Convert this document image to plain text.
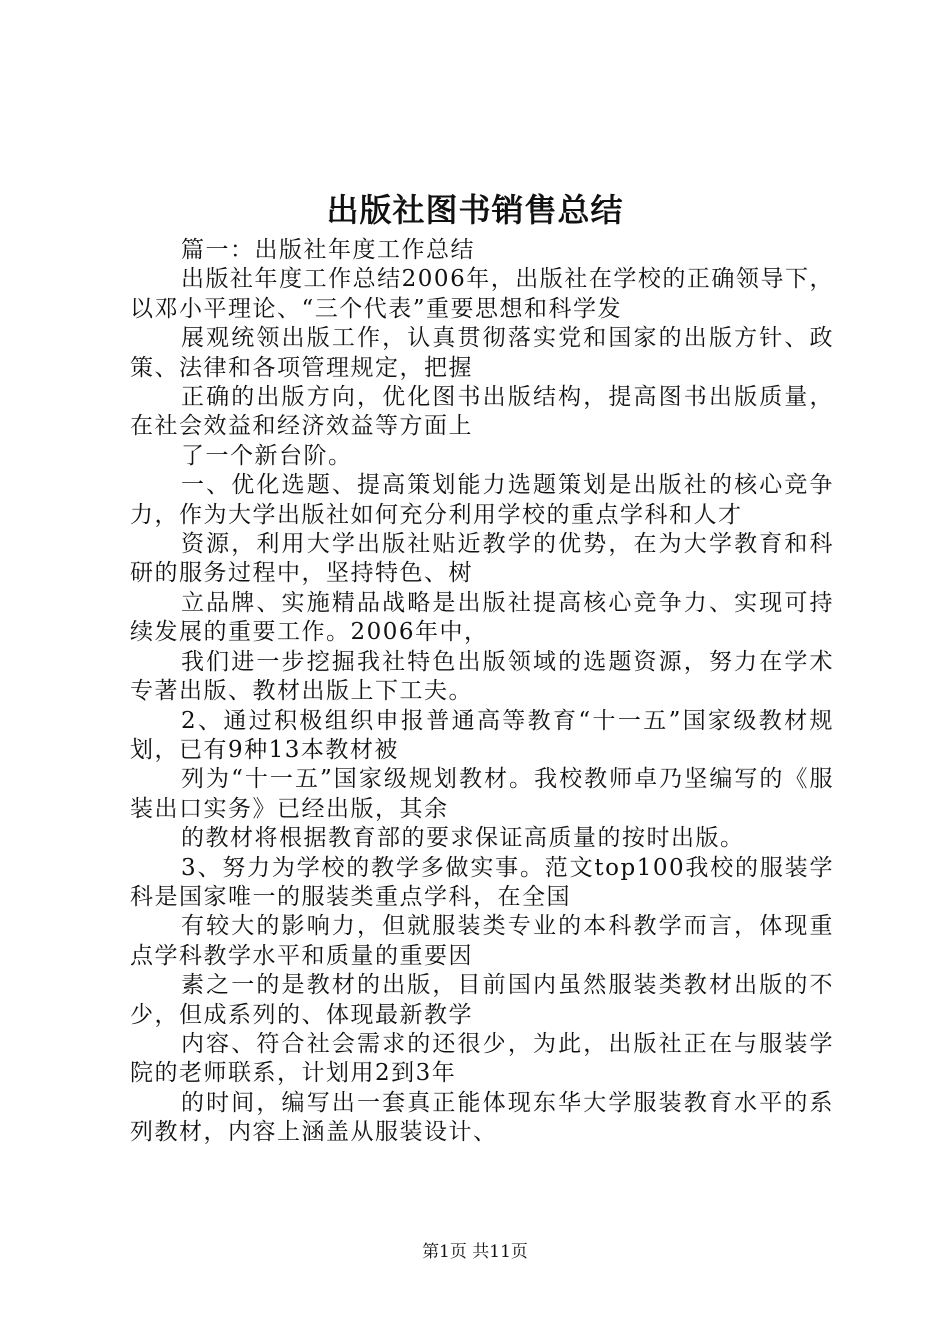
出版社图书销售总结

篇一：出版社年度工作总结

出版社年度工作总结2006年，出版社在学校的正确领导下，以邓小平理论、“三个代表”重要思想和科学发

展观统领出版工作，认真贯彻落实党和国家的出版方针、政策、法律和各项管理规定，把握

正确的出版方向，优化图书出版结构，提高图书出版质量，在社会效益和经济效益等方面上

了一个新台阶。

一、优化选题、提高策划能力选题策划是出版社的核心竞争力，作为大学出版社如何充分利用学校的重点学科和人才

资源，利用大学出版社贴近教学的优势，在为大学教育和科研的服务过程中，坚持特色、树

立品牌、实施精品战略是出版社提高核心竞争力、实现可持续发展的重要工作。2006年中，

我们进一步挖掘我社特色出版领域的选题资源，努力在学术专著出版、教材出版上下工夫。

2、通过积极组织申报普通高等教育“十一五”国家级教材规划，已有9种13本教材被

列为“十一五”国家级规划教材。我校教师卓乃坚编写的《服装出口实务》已经出版，其余

的教材将根据教育部的要求保证高质量的按时出版。

3、努力为学校的教学多做实事。范文top100我校的服装学科是国家唯一的服装类重点学科，在全国

有较大的影响力，但就服装类专业的本科教学而言，体现重点学科教学水平和质量的重要因

素之一的是教材的出版，目前国内虽然服装类教材出版的不少，但成系列的、体现最新教学

内容、符合社会需求的还很少，为此，出版社正在与服装学院的老师联系，计划用2到3年

的时间，编写出一套真正能体现东华大学服装教育水平的系列教材，内容上涵盖从服装设计、

第1页 共11页
